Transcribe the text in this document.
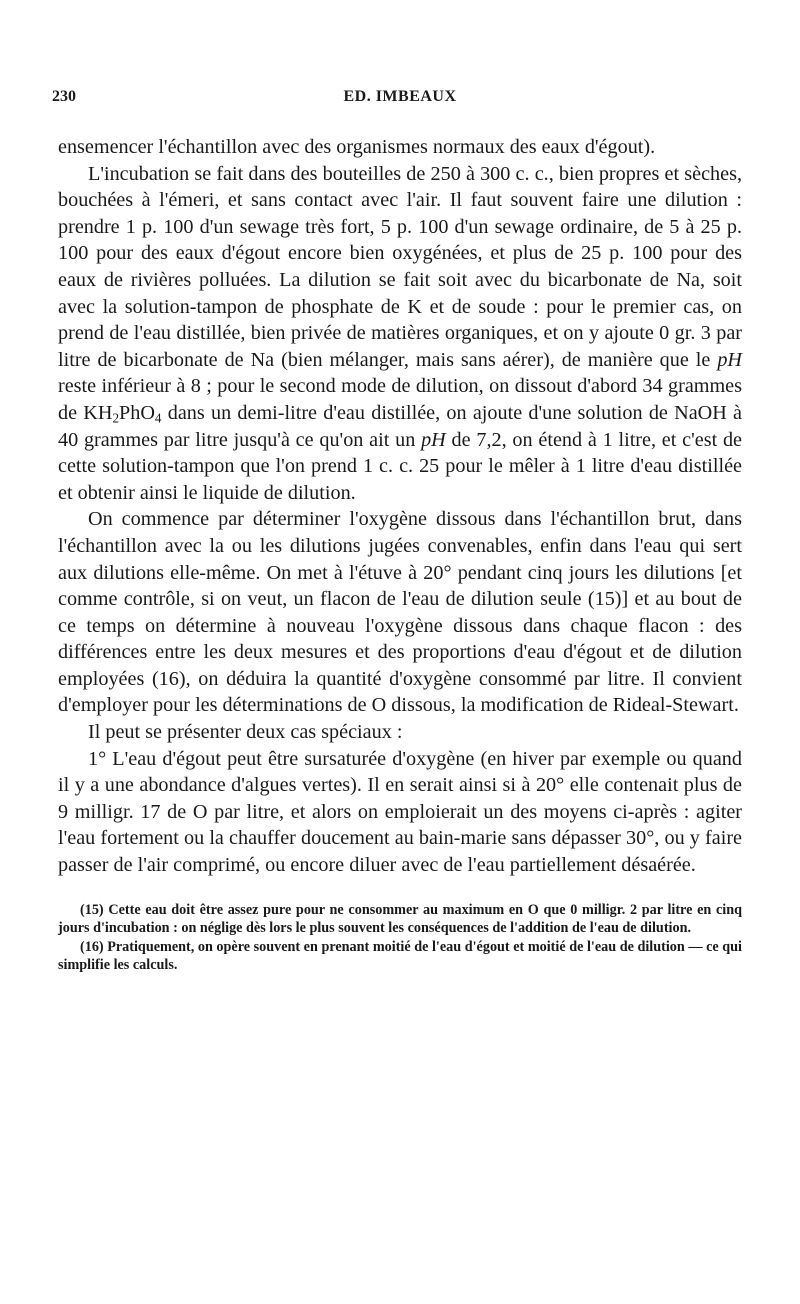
230	ED. IMBEAUX

ensemencer l'échantillon avec des organismes normaux des eaux d'égout).

L'incubation se fait dans des bouteilles de 250 à 300 c. c., bien propres et sèches, bouchées à l'émeri, et sans contact avec l'air. Il faut souvent faire une dilution : prendre 1 p. 100 d'un sewage très fort, 5 p. 100 d'un sewage ordinaire, de 5 à 25 p. 100 pour des eaux d'égout encore bien oxygénées, et plus de 25 p. 100 pour des eaux de rivières polluées. La dilution se fait soit avec du bicarbonate de Na, soit avec la solution-tampon de phosphate de K et de soude : pour le premier cas, on prend de l'eau distillée, bien privée de matières organiques, et on y ajoute 0 gr. 3 par litre de bicarbonate de Na (bien mélanger, mais sans aérer), de manière que le pH reste inférieur à 8 ; pour le second mode de dilution, on dissout d'abord 34 grammes de $KH_2PhO_4$ dans un demi-litre d'eau distillée, on ajoute d'une solution de NaOH à 40 grammes par litre jusqu'à ce qu'on ait un pH de 7,2, on étend à 1 litre, et c'est de cette solution-tampon que l'on prend 1 c. c. 25 pour le mêler à 1 litre d'eau distillée et obtenir ainsi le liquide de dilution.

On commence par déterminer l'oxygène dissous dans l'échantillon brut, dans l'échantillon avec la ou les dilutions jugées convenables, enfin dans l'eau qui sert aux dilutions elle-même. On met à l'étuve à 20° pendant cinq jours les dilutions [et comme contrôle, si on veut, un flacon de l'eau de dilution seule (15)] et au bout de ce temps on détermine à nouveau l'oxygène dissous dans chaque flacon : des différences entre les deux mesures et des proportions d'eau d'égout et de dilution employées (16), on déduira la quantité d'oxygène consommé par litre. Il convient d'employer pour les déterminations de O dissous, la modification de Rideal-Stewart.

Il peut se présenter deux cas spéciaux :

1° L'eau d'égout peut être sursaturée d'oxygène (en hiver par exemple ou quand il y a une abondance d'algues vertes). Il en serait ainsi si à 20° elle contenait plus de 9 milligr. 17 de O par litre, et alors on emploierait un des moyens ci-après : agiter l'eau fortement ou la chauffer doucement au bain-marie sans dépasser 30°, ou y faire passer de l'air comprimé, ou encore diluer avec de l'eau partiellement désaérée.

(15) Cette eau doit être assez pure pour ne consommer au maximum en O que 0 milligr. 2 par litre en cinq jours d'incubation : on néglige dès lors le plus souvent les conséquences de l'addition de l'eau de dilution.

(16) Pratiquement, on opère souvent en prenant moitié de l'eau d'égout et moitié de l'eau de dilution — ce qui simplifie les calculs.
